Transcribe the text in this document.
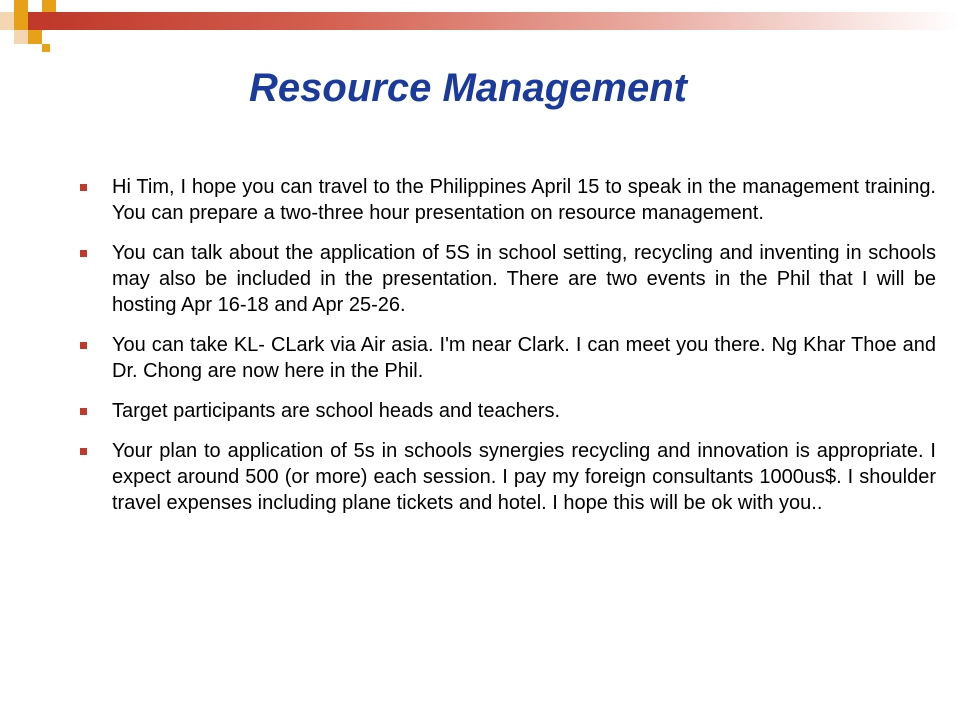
Resource Management
Hi Tim, I hope you can travel to the Philippines April 15 to speak in the management training. You can prepare a two-three hour presentation on resource management.
You can talk about the application of 5S in school setting, recycling and inventing in schools may also be included in the presentation. There are two events in the Phil that I will be hosting Apr 16-18 and Apr 25-26.
You can take KL- CLark via Air asia. I'm near Clark. I can meet you there. Ng Khar Thoe and Dr. Chong are now here in the Phil.
Target participants are school heads and teachers.
Your plan to application of 5s in schools synergies recycling and innovation is appropriate. I expect around 500 (or more) each session. I pay my foreign consultants 1000us$. I shoulder travel expenses including plane tickets and hotel. I hope this will be ok with you..
